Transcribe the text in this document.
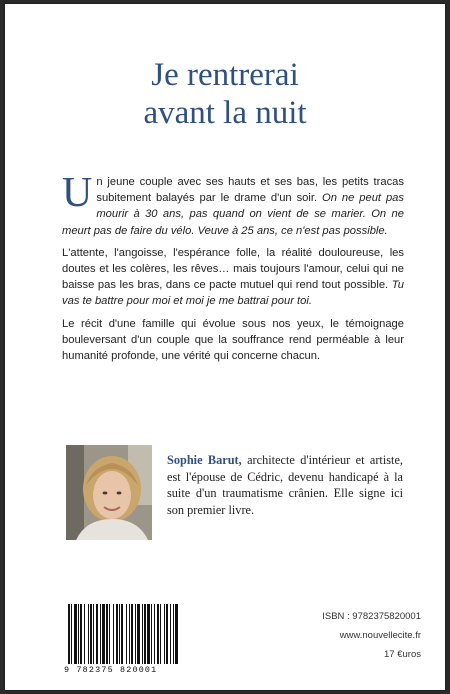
Je rentrerai
avant la nuit

Un jeune couple avec ses hauts et ses bas, les petits tracas subitement balayés par le drame d'un soir. On ne peut pas mourir à 30 ans, pas quand on vient de se marier. On ne meurt pas de faire du vélo. Veuve à 25 ans, ce n'est pas possible.

L'attente, l'angoisse, l'espérance folle, la réalité douloureuse, les doutes et les colères, les rêves… mais toujours l'amour, celui qui ne baisse pas les bras, dans ce pacte mutuel qui rend tout possible. Tu vas te battre pour moi et moi je me battrai pour toi.

Le récit d'une famille qui évolue sous nos yeux, le témoignage bouleversant d'un couple que la souffrance rend perméable à leur humanité profonde, une vérité qui concerne chacun.

Sophie Barut, architecte d'intérieur et artiste, est l'épouse de Cédric, devenu handicapé à la suite d'un traumatisme crânien. Elle signe ici son premier livre.
9 782375 820001
ISBN : 9782375820001
www.nouvellecite.fr
17 €uros
